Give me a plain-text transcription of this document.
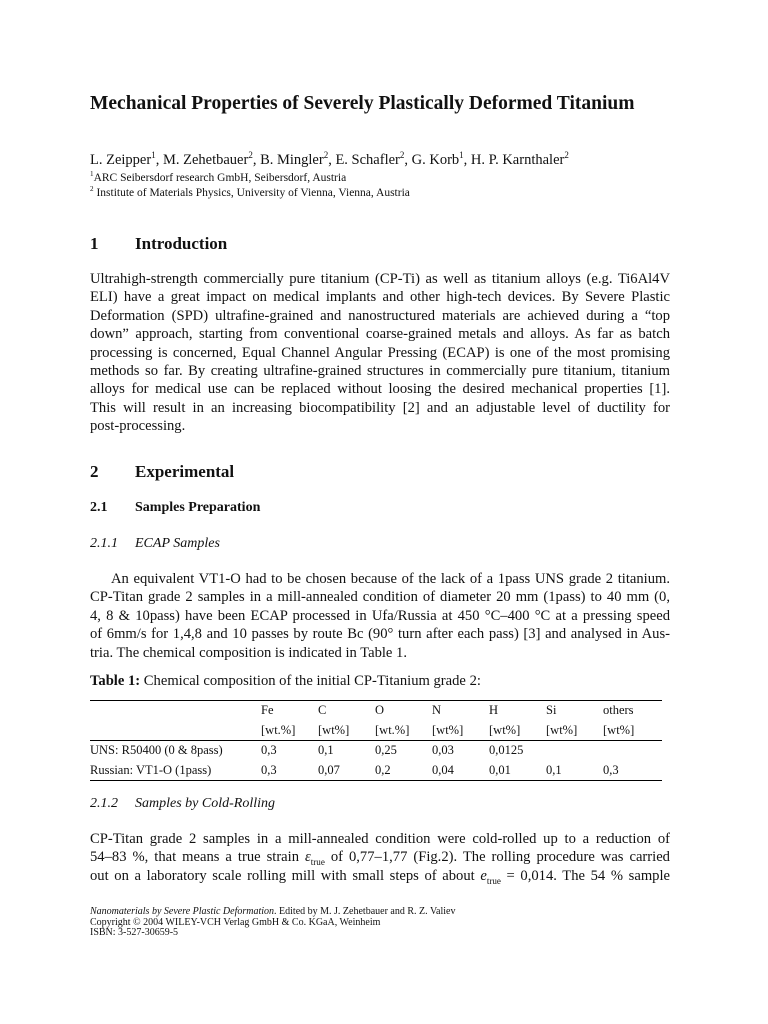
Mechanical Properties of Severely Plastically Deformed Titanium
L. Zeipper$^1$, M. Zehetbauer$^2$, B. Mingler$^2$, E. Schafler$^2$, G. Korb$^1$, H. P. Karnthaler$^2$
$^1$ARC Seibersdorf research GmbH, Seibersdorf, Austria
$^2$ Institute of Materials Physics, University of Vienna, Vienna, Austria
1 Introduction
Ultrahigh-strength commercially pure titanium (CP-Ti) as well as titanium alloys (e.g. Ti6Al4V
ELI) have a great impact on medical implants and other high-tech devices. By Severe Plastic
Deformation (SPD) ultrafine-grained and nanostructured materials are achieved during a “top
down” approach, starting from conventional coarse-grained metals and alloys. As far as batch
processing is concerned, Equal Channel Angular Pressing (ECAP) is one of the most promising
methods so far. By creating ultrafine-grained structures in commercially pure titanium, titanium
alloys for medical use can be replaced without loosing the desired mechanical properties [1].
This will result in an increasing biocompatibility [2] and an adjustable level of ductility for
post-processing.
2 Experimental
2.1 Samples Preparation
2.1.1 ECAP Samples
An equivalent VT1-O had to be chosen because of the lack of a 1pass UNS grade 2 titanium.
CP-Titan grade 2 samples in a mill-annealed condition of diameter 20 mm (1pass) to 40 mm (0,
4, 8 & 10pass) have been ECAP processed in Ufa/Russia at 450 °C–400 °C at a pressing speed
of 6mm/s for 1,4,8 and 10 passes by route Bc (90° turn after each pass) [3] and analysed in Aus-
tria. The chemical composition is indicated in Table 1.
Table 1: Chemical composition of the initial CP-Titanium grade 2:
	Fe	C	O	N	H	Si	others
	[wt.%]	[wt%]	[wt.%]	[wt%]	[wt%]	[wt%]	[wt%]
UNS: R50400 (0 & 8pass)	0,3	0,1	0,25	0,03	0,0125		
Russian: VT1-O (1pass)	0,3	0,07	0,2	0,04	0,01	0,1	0,3
2.1.2 Samples by Cold-Rolling
CP-Titan grade 2 samples in a mill-annealed condition were cold-rolled up to a reduction of
54–83 %, that means a true strain $\varepsilon_{true}$ of 0,77–1,77 (Fig.2). The rolling procedure was carried
out on a laboratory scale rolling mill with small steps of about $e_{true} = 0,014$. The 54 % sample
Nanomaterials by Severe Plastic Deformation. Edited by M. J. Zehetbauer and R. Z. Valiev
Copyright © 2004 WILEY-VCH Verlag GmbH & Co. KGaA, Weinheim
ISBN: 3-527-30659-5
